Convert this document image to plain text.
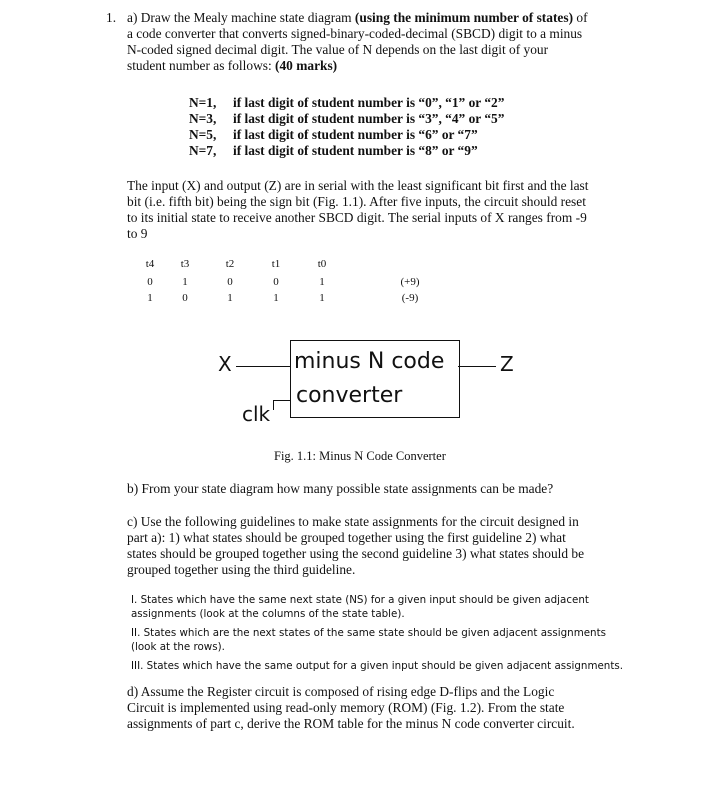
1. a) Draw the Mealy machine state diagram (using the minimum number of states) of
a code converter that converts signed-binary-coded-decimal (SBCD) digit to a minus
N-coded signed decimal digit. The value of N depends on the last digit of your
student number as follows: (40 marks)
N=1, if last digit of student number is “0”, “1” or “2”
N=3, if last digit of student number is “3”, “4” or “5”
N=5, if last digit of student number is “6” or “7”
N=7, if last digit of student number is “8” or “9”
The input (X) and output (Z) are in serial with the least significant bit first and the last
bit (i.e. fifth bit) being the sign bit (Fig. 1.1). After five inputs, the circuit should reset
to its initial state to receive another SBCD digit. The serial inputs of X ranges from -9
to 9
t4	t3	t2	t1	t0
0	1	0	0	1	(+9)
1	0	1	1	1	(-9)
X	minus N code
converter
Z
clk
Fig. 1.1: Minus N Code Converter
b) From your state diagram how many possible state assignments can be made?
c) Use the following guidelines to make state assignments for the circuit designed in
part a): 1) what states should be grouped together using the first guideline 2) what
states should be grouped together using the second guideline 3) what states should be
grouped together using the third guideline.
I. States which have the same next state (NS) for a given input should be given adjacent
assignments (look at the columns of the state table).
II. States which are the next states of the same state should be given adjacent assignments
(look at the rows).
III. States which have the same output for a given input should be given adjacent assignments.
d) Assume the Register circuit is composed of rising edge D-flips and the Logic
Circuit is implemented using read-only memory (ROM) (Fig. 1.2). From the state
assignments of part c, derive the ROM table for the minus N code converter circuit.
